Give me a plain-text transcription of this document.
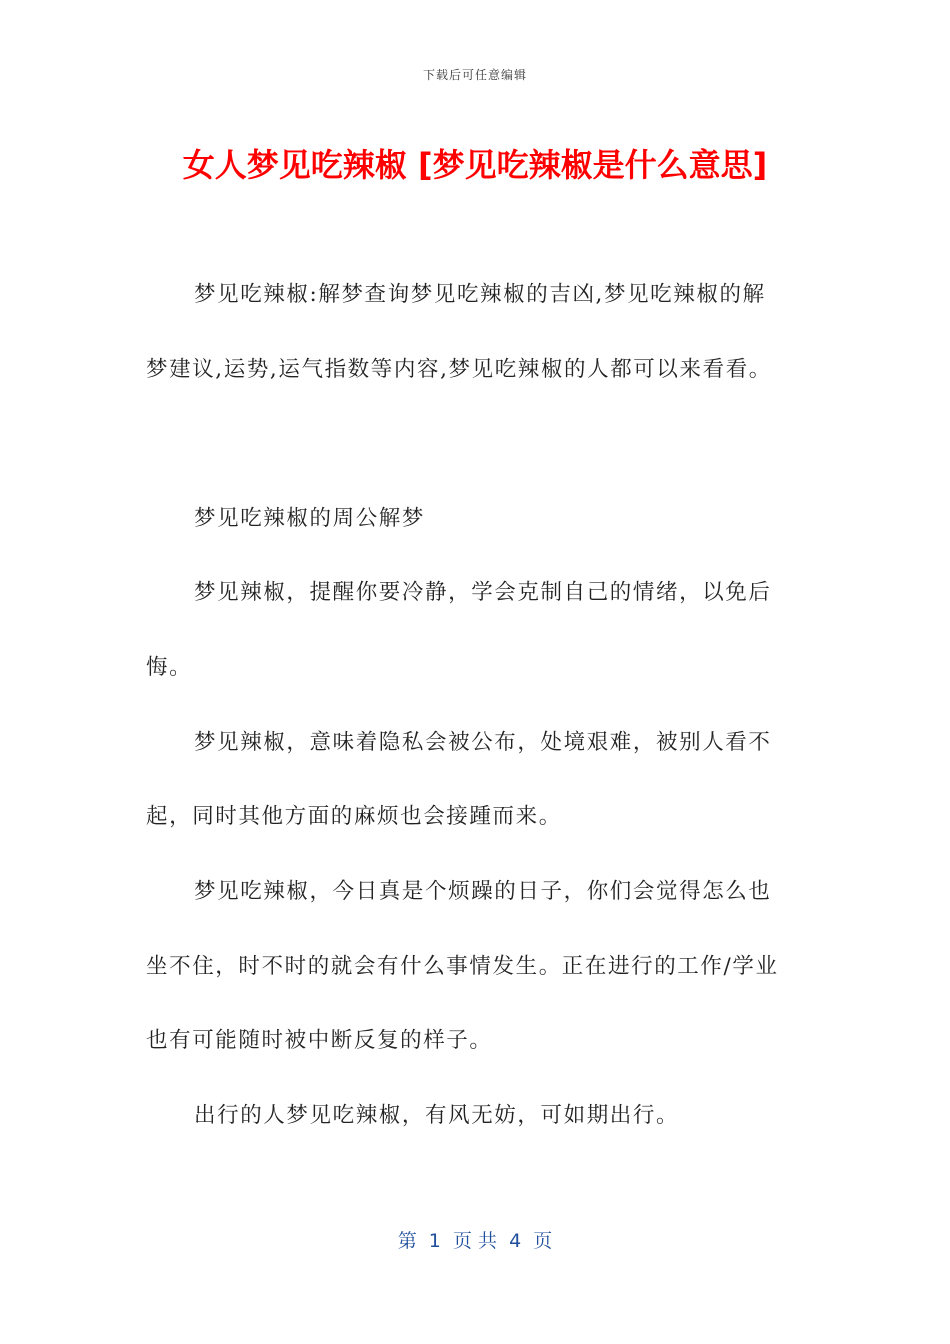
下载后可任意编辑
女人梦见吃辣椒 [梦见吃辣椒是什么意思]
梦见吃辣椒:解梦查询梦见吃辣椒的吉凶,梦见吃辣椒的解
梦建议,运势,运气指数等内容,梦见吃辣椒的人都可以来看看。
梦见吃辣椒的周公解梦
梦见辣椒，提醒你要冷静，学会克制自己的情绪，以免后
悔。
梦见辣椒，意味着隐私会被公布，处境艰难，被别人看不
起，同时其他方面的麻烦也会接踵而来。
梦见吃辣椒，今日真是个烦躁的日子，你们会觉得怎么也
坐不住，时不时的就会有什么事情发生。正在进行的工作/学业
也有可能随时被中断反复的样子。
出行的人梦见吃辣椒，有风无妨，可如期出行。
第  1  页 共  4  页
